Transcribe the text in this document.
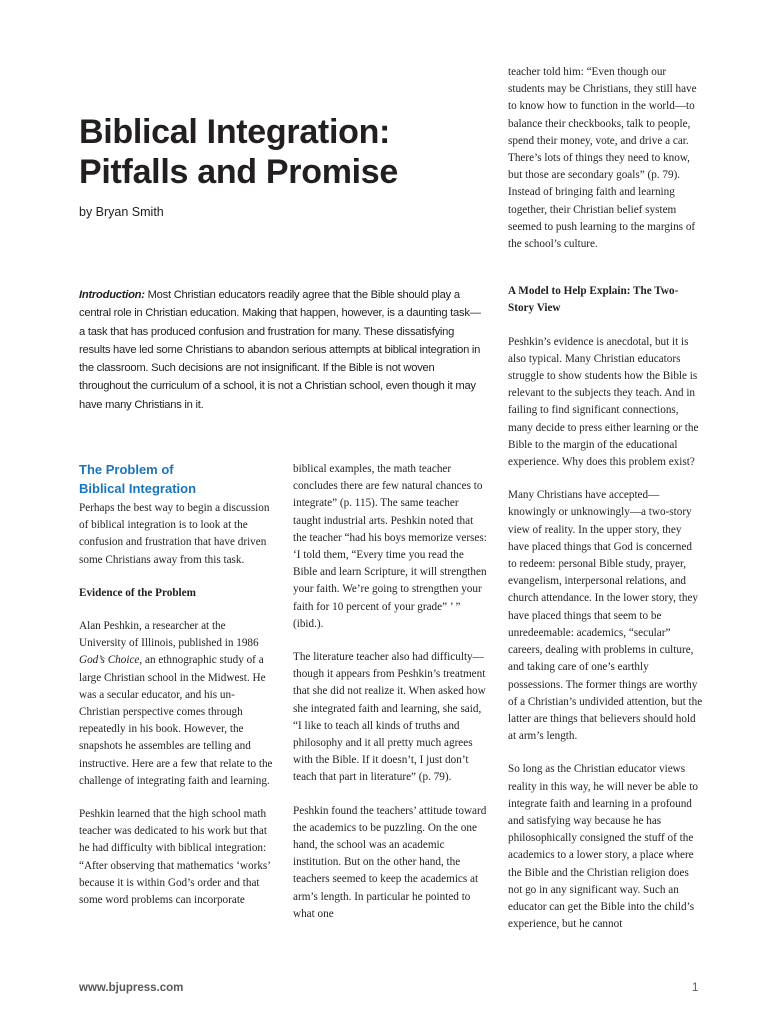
Biblical Integration:
Pitfalls and Promise
by Bryan Smith

Introduction: Most Christian educators readily agree that the Bible should play a central role in Christian education. Making that happen, however, is a daunting task—a task that has produced confusion and frustration for many. These dissatisfying results have led some Christians to abandon serious attempts at biblical integration in the classroom. Such decisions are not insignificant. If the Bible is not woven throughout the curriculum of a school, it is not a Christian school, even though it may have many Christians in it.

The Problem of
Biblical Integration

Perhaps the best way to begin a discussion of biblical integration is to look at the confusion and frustration that have driven some Christians away from this task.

Evidence of the Problem

Alan Peshkin, a researcher at the University of Illinois, published in 1986 God’s Choice, an ethnographic study of a large Christian school in the Midwest. He was a secular educator, and his un-Christian perspective comes through repeatedly in his book. However, the snapshots he assembles are telling and instructive. Here are a few that relate to the challenge of integrating faith and learning.

Peshkin learned that the high school math teacher was dedicated to his work but that he had difficulty with biblical integration: “After observing that mathematics ‘works’ because it is within God’s order and that some word problems can incorporate

biblical examples, the math teacher concludes there are few natural chances to integrate” (p. 115). The same teacher taught industrial arts. Peshkin noted that the teacher “had his boys memorize verses: ‘I told them, “Every time you read the Bible and learn Scripture, it will strengthen your faith. We’re going to strengthen your faith for 10 percent of your grade” ’ ” (ibid.).

The literature teacher also had difficulty—though it appears from Peshkin’s treatment that she did not realize it. When asked how she integrated faith and learning, she said, “I like to teach all kinds of truths and philosophy and it all pretty much agrees with the Bible. If it doesn’t, I just don’t teach that part in literature” (p. 79).

Peshkin found the teachers’ attitude toward the academics to be puzzling. On the one hand, the school was an academic institution. But on the other hand, the teachers seemed to keep the academics at arm’s length. In particular he pointed to what one

teacher told him: “Even though our students may be Christians, they still have to know how to function in the world—to balance their checkbooks, talk to people, spend their money, vote, and drive a car. There’s lots of things they need to know, but those are secondary goals” (p. 79). Instead of bringing faith and learning together, their Christian belief system seemed to push learning to the margins of the school’s culture.

A Model to Help Explain: The Two-Story View

Peshkin’s evidence is anecdotal, but it is also typical. Many Christian educators struggle to show students how the Bible is relevant to the subjects they teach. And in failing to find significant connections, many decide to press either learning or the Bible to the margin of the educational experience. Why does this problem exist?

Many Christians have accepted—knowingly or unknowingly—a two-story view of reality. In the upper story, they have placed things that God is concerned to redeem: personal Bible study, prayer, evangelism, interpersonal relations, and church attendance. In the lower story, they have placed things that seem to be unredeemable: academics, “secular” careers, dealing with problems in culture, and taking care of one’s earthly possessions. The former things are worthy of a Christian’s undivided attention, but the latter are things that believers should hold at arm’s length.

So long as the Christian educator views reality in this way, he will never be able to integrate faith and learning in a profound and satisfying way because he has philosophically consigned the stuff of the academics to a lower story, a place where the Bible and the Christian religion does not go in any significant way. Such an educator can get the Bible into the child’s experience, but he cannot

www.bjupress.com	1
